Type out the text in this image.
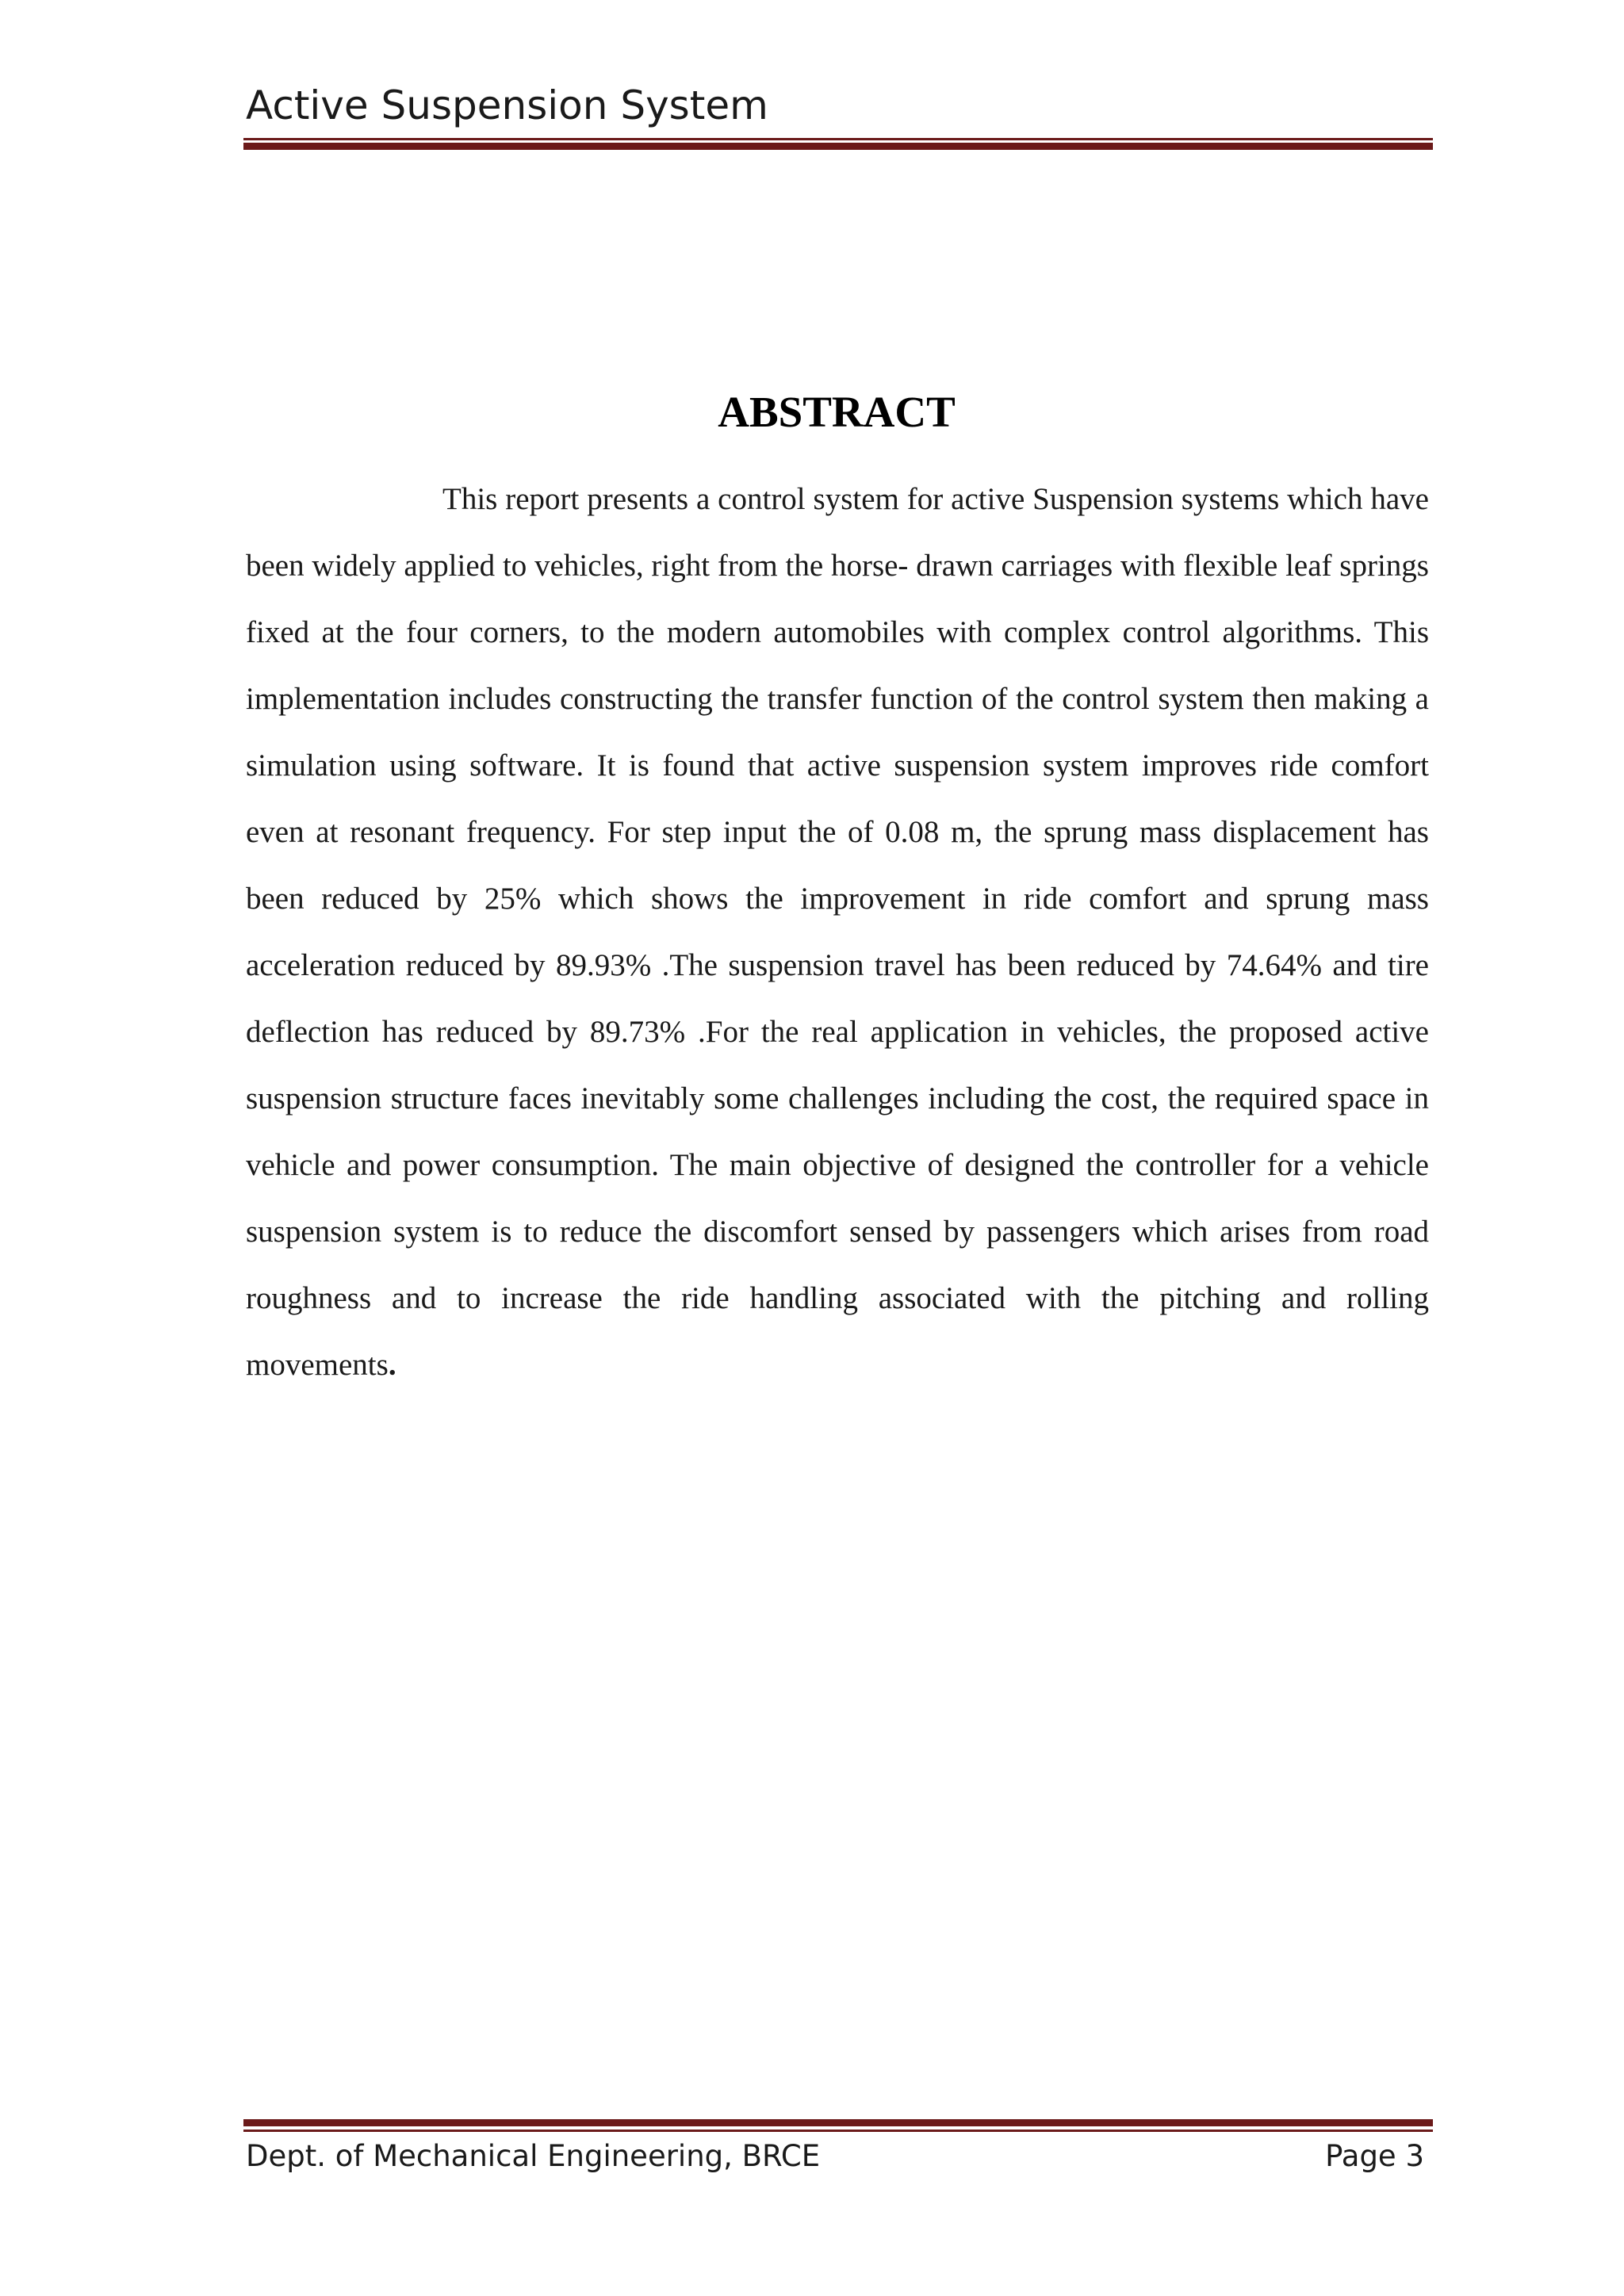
Active Suspension System
ABSTRACT

This report presents a control system for active Suspension systems which have been widely applied to vehicles, right from the horse- drawn carriages with flexible leaf springs fixed at the four corners, to the modern automobiles with complex control algorithms. This implementation includes constructing the transfer function of the control system then making a simulation using software. It is found that active suspension system improves ride comfort even at resonant frequency. For step input the of 0.08 m, the sprung mass displacement has been reduced by 25% which shows the improvement in ride comfort and sprung mass acceleration reduced by 89.93% .The suspension travel has been reduced by 74.64% and tire deflection has reduced by 89.73% .For the real application in vehicles, the proposed active suspension structure faces inevitably some challenges including the cost, the required space in vehicle and power consumption. The main objective of designed the controller for a vehicle suspension system is to reduce the discomfort sensed by passengers which arises from road roughness and to increase the ride handling associated with the pitching and rolling movements.

Dept. of Mechanical Engineering, BRCE	Page 3
